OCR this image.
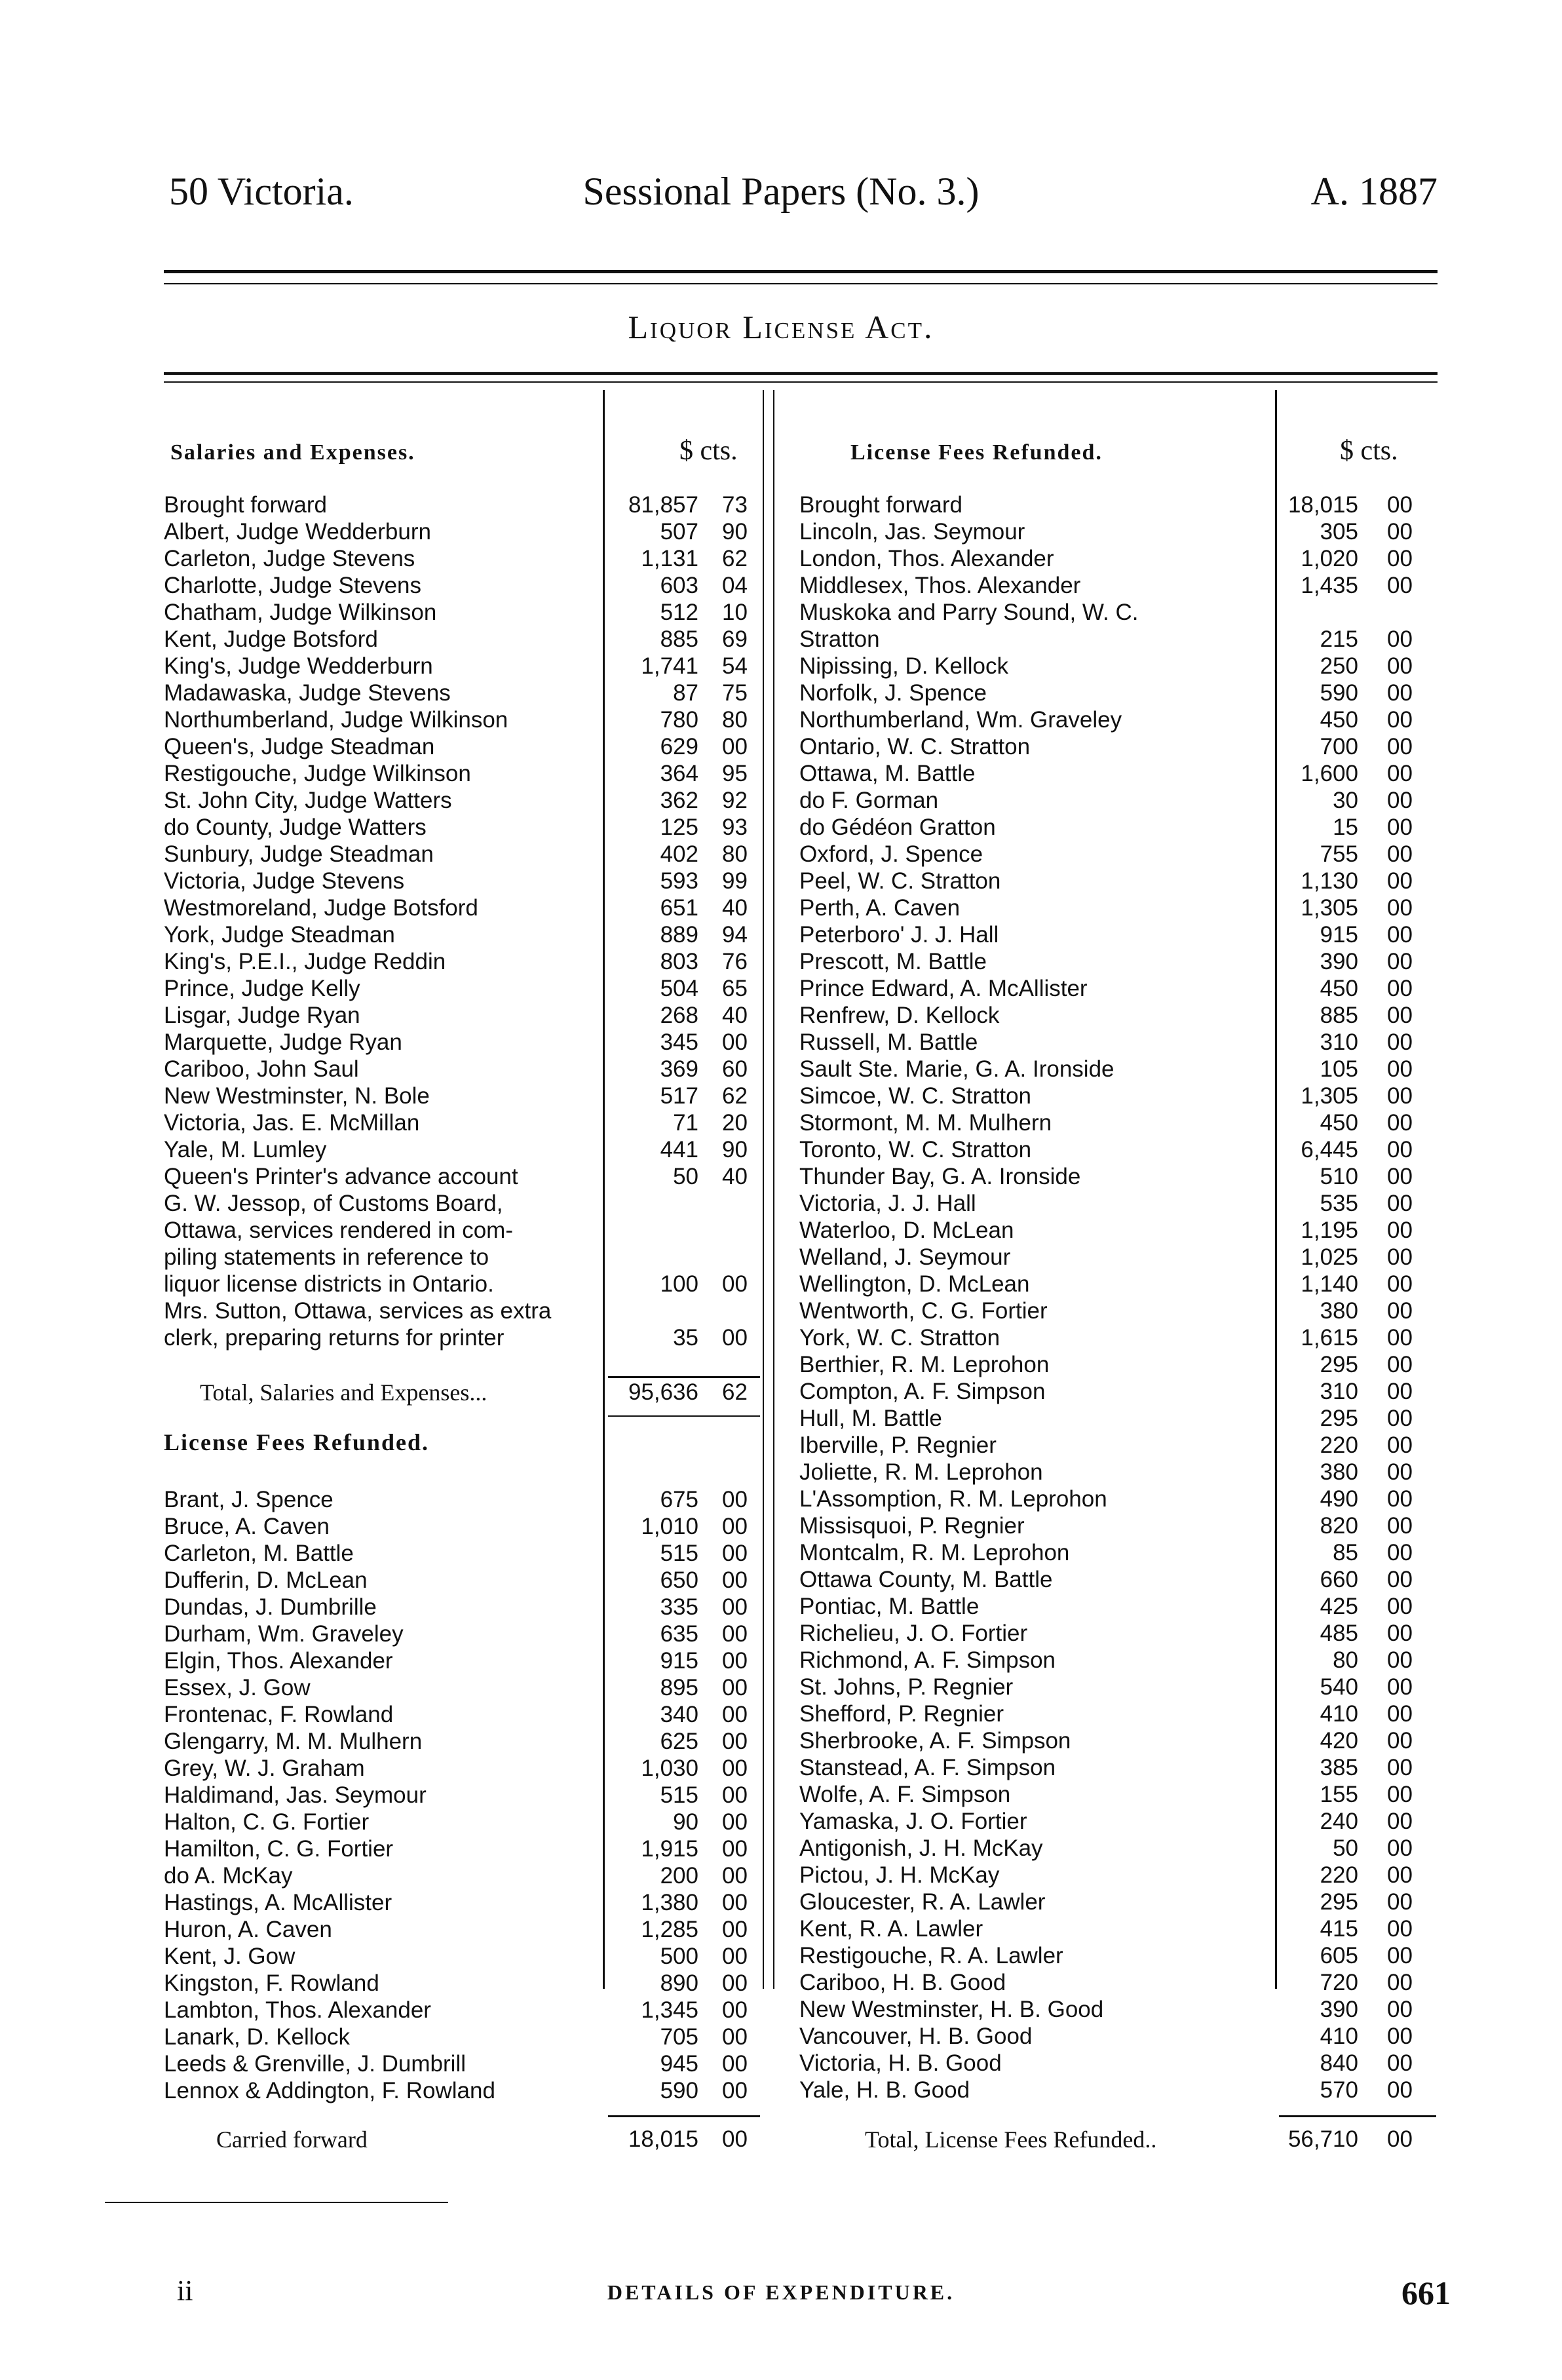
50 Victoria.	Sessional Papers (No. 3.)	A. 1887
Liquor License Act.
Salaries and Expenses.	$ cts.	License Fees Refunded.	$ cts.
Brought forward	81,857 73
Albert, Judge Wedderburn	507 90
Carleton, Judge Stevens	1,131 62
Charlotte, Judge Stevens	603 04
Chatham, Judge Wilkinson	512 10
Kent, Judge Botsford	885 69
King's, Judge Wedderburn	1,741 54
Madawaska, Judge Stevens	87 75
Northumberland, Judge Wilkinson	780 80
Queen's, Judge Steadman	629 00
Restigouche, Judge Wilkinson	364 95
St. John City, Judge Watters	362 92
do County, Judge Watters	125 93
Sunbury, Judge Steadman	402 80
Victoria, Judge Stevens	593 99
Westmoreland, Judge Botsford	651 40
York, Judge Steadman	889 94
King's, P.E.I., Judge Reddin	803 76
Prince, Judge Kelly	504 65
Lisgar, Judge Ryan	268 40
Marquette, Judge Ryan	345 00
Cariboo, John Saul	369 60
New Westminster, N. Bole	517 62
Victoria, Jas. E. McMillan	71 20
Yale, M. Lumley	441 90
Queen's Printer's advance account	50 40
G. W. Jessop, of Customs Board,
Ottawa, services rendered in com-
piling statements in reference to
liquor license districts in Ontario.	100 00
Mrs. Sutton, Ottawa, services as extra
clerk, preparing returns for printer	35 00
Total, Salaries and Expenses...	95,636 62
License Fees Refunded.
Brant, J. Spence	675 00
Bruce, A. Caven	1,010 00
Carleton, M. Battle	515 00
Dufferin, D. McLean	650 00
Dundas, J. Dumbrille	335 00
Durham, Wm. Graveley	635 00
Elgin, Thos. Alexander	915 00
Essex, J. Gow	895 00
Frontenac, F. Rowland	340 00
Glengarry, M. M. Mulhern	625 00
Grey, W. J. Graham	1,030 00
Haldimand, Jas. Seymour	515 00
Halton, C. G. Fortier	90 00
Hamilton, C. G. Fortier	1,915 00
do A. McKay	200 00
Hastings, A. McAllister	1,380 00
Huron, A. Caven	1,285 00
Kent, J. Gow	500 00
Kingston, F. Rowland	890 00
Lambton, Thos. Alexander	1,345 00
Lanark, D. Kellock	705 00
Leeds & Grenville, J. Dumbrill	945 00
Lennox & Addington, F. Rowland	590 00
Carried forward	18,015 00
Brought forward	18,015 00
Lincoln, Jas. Seymour	305 00
London, Thos. Alexander	1,020 00
Middlesex, Thos. Alexander	1,435 00
Muskoka and Parry Sound, W. C.
Stratton	215 00
Nipissing, D. Kellock	250 00
Norfolk, J. Spence	590 00
Northumberland, Wm. Graveley	450 00
Ontario, W. C. Stratton	700 00
Ottawa, M. Battle	1,600 00
do F. Gorman	30 00
do Gédéon Gratton	15 00
Oxford, J. Spence	755 00
Peel, W. C. Stratton	1,130 00
Perth, A. Caven	1,305 00
Peterboro' J. J. Hall	915 00
Prescott, M. Battle	390 00
Prince Edward, A. McAllister	450 00
Renfrew, D. Kellock	885 00
Russell, M. Battle	310 00
Sault Ste. Marie, G. A. Ironside	105 00
Simcoe, W. C. Stratton	1,305 00
Stormont, M. M. Mulhern	450 00
Toronto, W. C. Stratton	6,445 00
Thunder Bay, G. A. Ironside	510 00
Victoria, J. J. Hall	535 00
Waterloo, D. McLean	1,195 00
Welland, J. Seymour	1,025 00
Wellington, D. McLean	1,140 00
Wentworth, C. G. Fortier	380 00
York, W. C. Stratton	1,615 00
Berthier, R. M. Leprohon	295 00
Compton, A. F. Simpson	310 00
Hull, M. Battle	295 00
Iberville, P. Regnier	220 00
Joliette, R. M. Leprohon	380 00
L'Assomption, R. M. Leprohon	490 00
Missisquoi, P. Regnier	820 00
Montcalm, R. M. Leprohon	85 00
Ottawa County, M. Battle	660 00
Pontiac, M. Battle	425 00
Richelieu, J. O. Fortier	485 00
Richmond, A. F. Simpson	80 00
St. Johns, P. Regnier	540 00
Shefford, P. Regnier	410 00
Sherbrooke, A. F. Simpson	420 00
Stanstead, A. F. Simpson	385 00
Wolfe, A. F. Simpson	155 00
Yamaska, J. O. Fortier	240 00
Antigonish, J. H. McKay	50 00
Pictou, J. H. McKay	220 00
Gloucester, R. A. Lawler	295 00
Kent, R. A. Lawler	415 00
Restigouche, R. A. Lawler	605 00
Cariboo, H. B. Good	720 00
New Westminster, H. B. Good	390 00
Vancouver, H. B. Good	410 00
Victoria, H. B. Good	840 00
Yale, H. B. Good	570 00
Total, License Fees Refunded..	56,710 00
ii	DETAILS OF EXPENDITURE.	661
